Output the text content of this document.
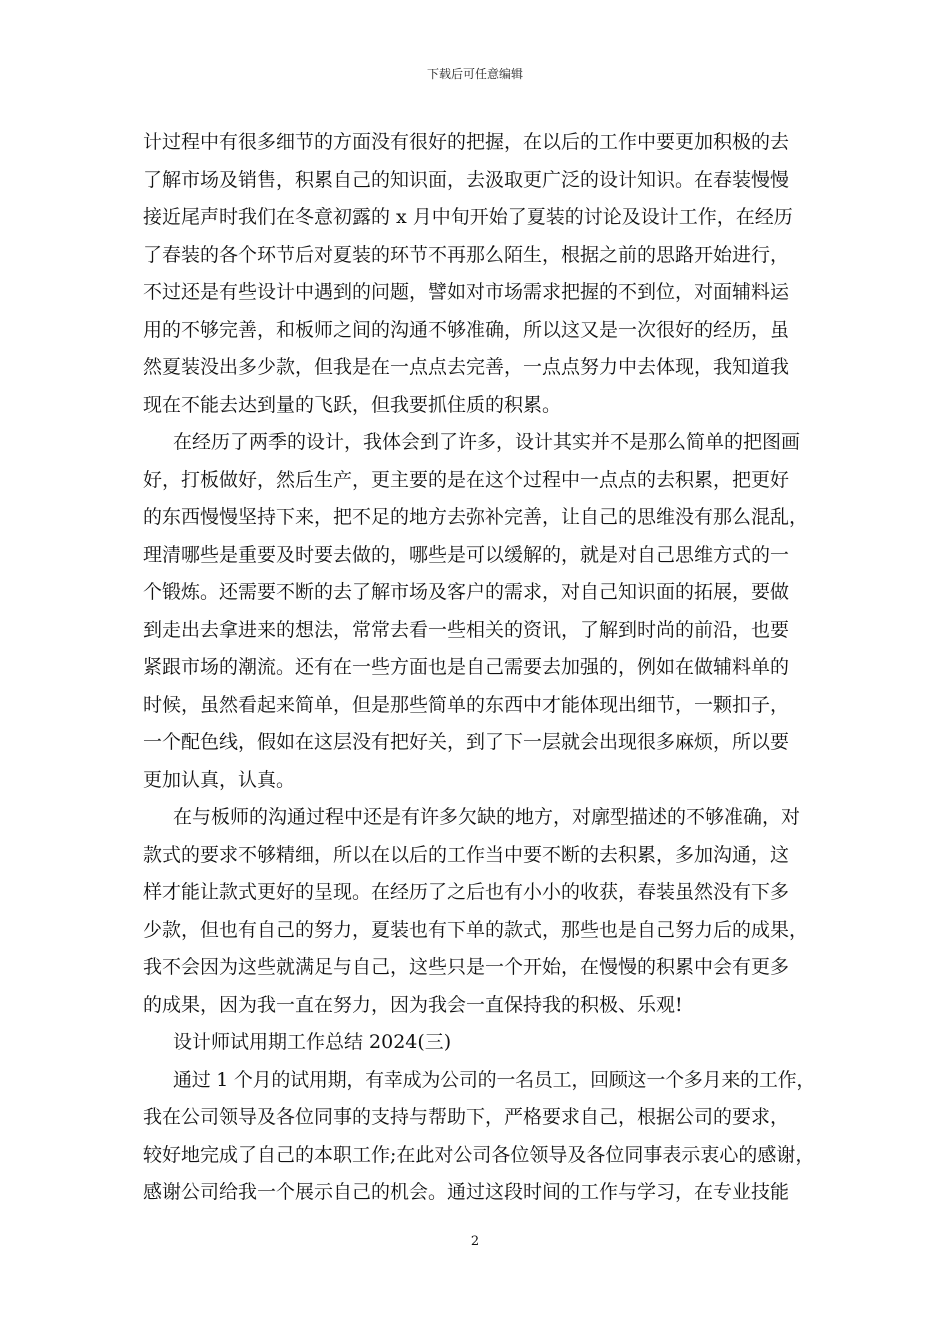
下载后可任意编辑
计过程中有很多细节的方面没有很好的把握，在以后的工作中要更加积极的去
了解市场及销售，积累自己的知识面，去汲取更广泛的设计知识。在春装慢慢
接近尾声时我们在冬意初露的 x 月中旬开始了夏装的讨论及设计工作，在经历
了春装的各个环节后对夏装的环节不再那么陌生，根据之前的思路开始进行，
不过还是有些设计中遇到的问题，譬如对市场需求把握的不到位，对面辅料运
用的不够完善，和板师之间的沟通不够准确，所以这又是一次很好的经历，虽
然夏装没出多少款，但我是在一点点去完善，一点点努力中去体现，我知道我
现在不能去达到量的飞跃，但我要抓住质的积累。
在经历了两季的设计，我体会到了许多，设计其实并不是那么简单的把图画
好，打板做好，然后生产，更主要的是在这个过程中一点点的去积累，把更好
的东西慢慢坚持下来，把不足的地方去弥补完善，让自己的思维没有那么混乱，
理清哪些是重要及时要去做的，哪些是可以缓解的，就是对自己思维方式的一
个锻炼。还需要不断的去了解市场及客户的需求，对自己知识面的拓展，要做
到走出去拿进来的想法，常常去看一些相关的资讯，了解到时尚的前沿，也要
紧跟市场的潮流。还有在一些方面也是自己需要去加强的，例如在做辅料单的
时候，虽然看起来简单，但是那些简单的东西中才能体现出细节，一颗扣子，
一个配色线，假如在这层没有把好关，到了下一层就会出现很多麻烦，所以要
更加认真，认真。
在与板师的沟通过程中还是有许多欠缺的地方，对廓型描述的不够准确，对
款式的要求不够精细，所以在以后的工作当中要不断的去积累，多加沟通，这
样才能让款式更好的呈现。在经历了之后也有小小的收获，春装虽然没有下多
少款，但也有自己的努力，夏装也有下单的款式，那些也是自己努力后的成果，
我不会因为这些就满足与自己，这些只是一个开始，在慢慢的积累中会有更多
的成果，因为我一直在努力，因为我会一直保持我的积极、乐观!
设计师试用期工作总结 2024(三)
通过 1 个月的试用期，有幸成为公司的一名员工，回顾这一个多月来的工作，
我在公司领导及各位同事的支持与帮助下，严格要求自己，根据公司的要求，
较好地完成了自己的本职工作;在此对公司各位领导及各位同事表示衷心的感谢，
感谢公司给我一个展示自己的机会。通过这段时间的工作与学习，在专业技能
2
